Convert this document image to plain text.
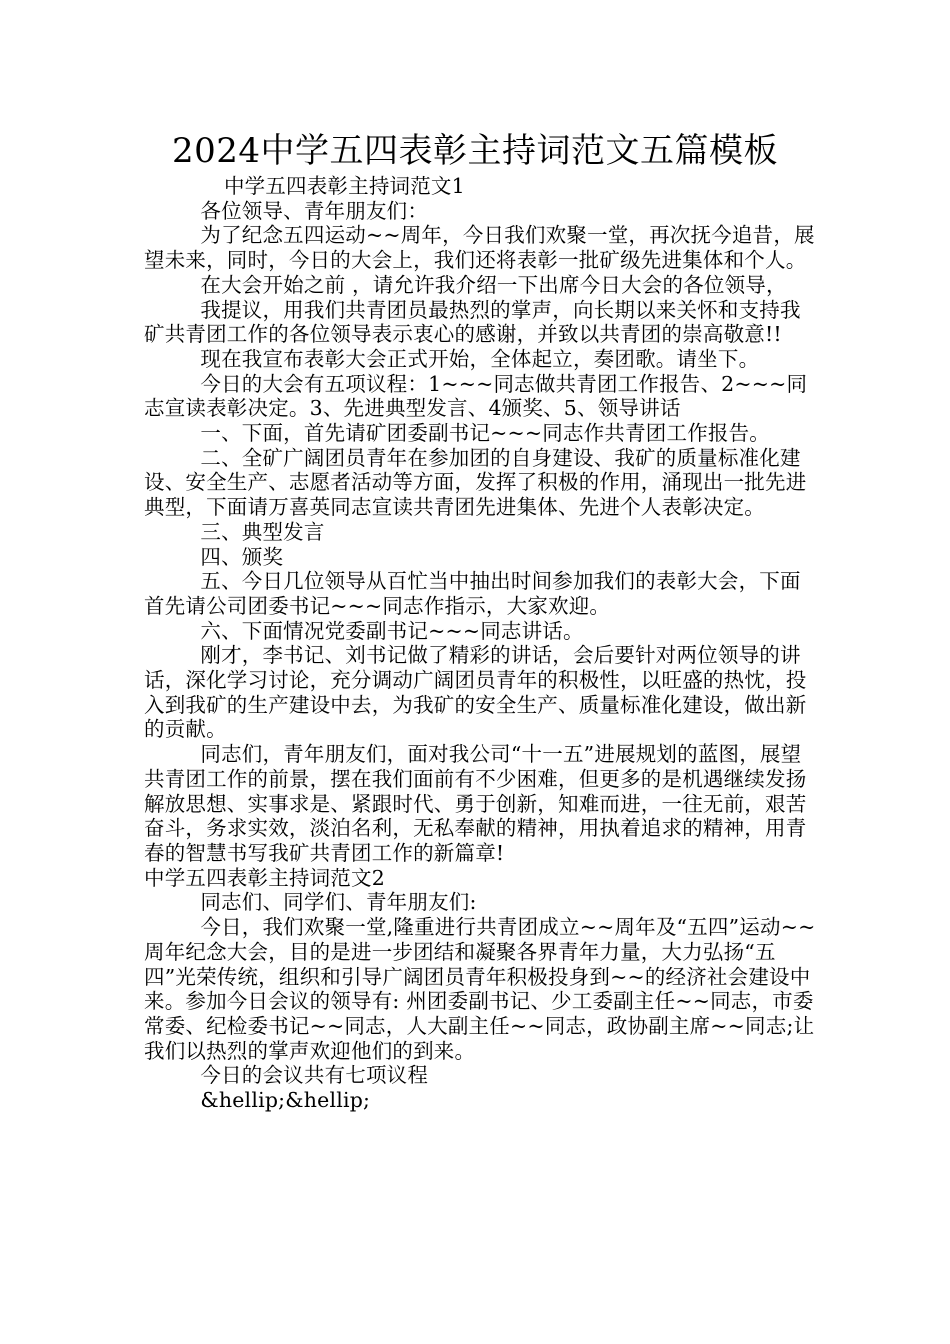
2024中学五四表彰主持词范文五篇模板

中学五四表彰主持词范文1

各位领导、青年朋友们：

为了纪念五四运动~~周年，今日我们欢聚一堂，再次抚今追昔，展望未来，同时，今日的大会上，我们还将表彰一批矿级先进集体和个人。

在大会开始之前 ，请允许我介绍一下出席今日大会的各位领导，

我提议，用我们共青团员最热烈的掌声，向长期以来关怀和支持我矿共青团工作的各位领导表示衷心的感谢，并致以共青团的崇高敬意!!

现在我宣布表彰大会正式开始，全体起立，奏团歌。请坐下。

今日的大会有五项议程：1~~~同志做共青团工作报告、2~~~同志宣读表彰决定。3、先进典型发言、4颁奖、5、领导讲话

一、下面，首先请矿团委副书记~~~同志作共青团工作报告。

二、全矿广阔团员青年在参加团的自身建设、我矿的质量标准化建设、安全生产、志愿者活动等方面，发挥了积极的作用，涌现出一批先进典型，下面请万喜英同志宣读共青团先进集体、先进个人表彰决定。

三、典型发言

四、颁奖

五、今日几位领导从百忙当中抽出时间参加我们的表彰大会，下面首先请公司团委书记~~~同志作指示，大家欢迎。

六、下面情况党委副书记~~~同志讲话。

刚才，李书记、刘书记做了精彩的讲话，会后要针对两位领导的讲话，深化学习讨论，充分调动广阔团员青年的积极性，以旺盛的热忱，投入到我矿的生产建设中去，为我矿的安全生产、质量标准化建设，做出新的贡献。

同志们，青年朋友们，面对我公司“十一五”进展规划的蓝图，展望共青团工作的前景，摆在我们面前有不少困难，但更多的是机遇继续发扬解放思想、实事求是、紧跟时代、勇于创新，知难而进，一往无前，艰苦奋斗，务求实效，淡泊名利，无私奉献的精神，用执着追求的精神，用青春的智慧书写我矿共青团工作的新篇章!

中学五四表彰主持词范文2

同志们、同学们、青年朋友们:

今日，我们欢聚一堂,隆重进行共青团成立~~周年及“五四”运动~~周年纪念大会，目的是进一步团结和凝聚各界青年力量，大力弘扬“五四”光荣传统，组织和引导广阔团员青年积极投身到~~的经济社会建设中来。参加今日会议的领导有: 州团委副书记、少工委副主任~~同志，市委常委、纪检委书记~~同志，人大副主任~~同志，政协副主席~~同志;让我们以热烈的掌声欢迎他们的到来。

今日的会议共有七项议程

&hellip;&hellip;
